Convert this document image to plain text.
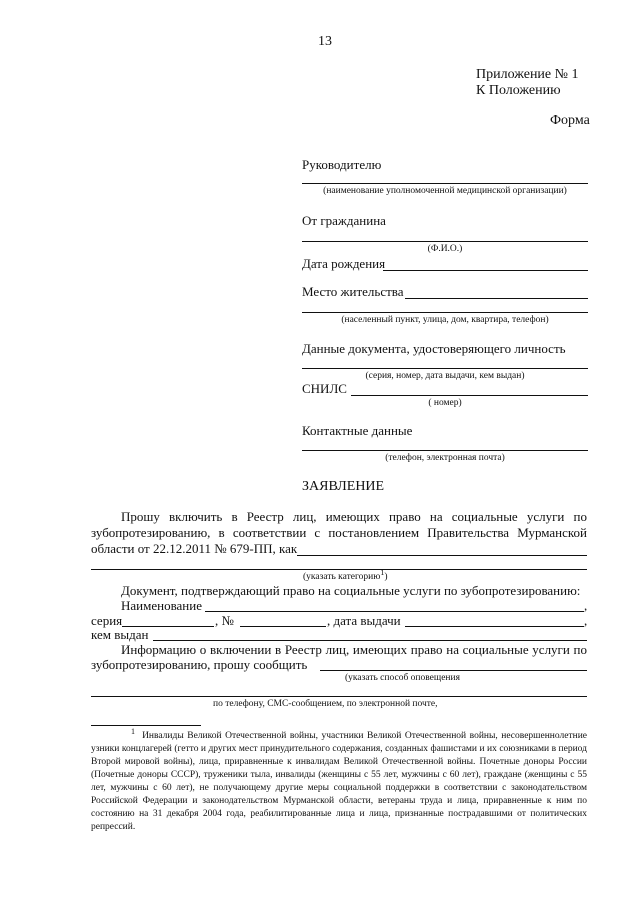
13
Приложение № 1
К Положению
Форма
Руководителю
(наименование уполномоченной медицинской организации)
От гражданина
(Ф.И.О.)
Дата рождения
Место жительства
(населенный пункт, улица, дом, квартира, телефон)
Данные документа, удостоверяющего личность
(серия, номер, дата выдачи, кем выдан)
СНИЛС
( номер)
Контактные данные
(телефон, электронная почта)
ЗАЯВЛЕНИЕ
Прошу включить в Реестр лиц, имеющих право на социальные услуги по
зубопротезированию, в соответствии с постановлением Правительства Мурманской
области от 22.12.2011 № 679-ПП, как
(указать категорию$^1$)
Документ, подтверждающий право на социальные услуги по зубопротезированию:
Наименование	,
серия	, №	, дата выдачи	,
кем выдан
Информацию о включении в Реестр лиц, имеющих право на социальные услуги по
зубопротезированию, прошу сообщить
(указать способ оповещения
по телефону, СМС-сообщением, по электронной почте,
$^1$ Инвалиды Великой Отечественной войны, участники Великой Отечественной войны, несовершеннолетние узники концлагерей (гетто и других мест принудительного содержания, созданных фашистами и их союзниками в период Второй мировой войны), лица, приравненные к инвалидам Великой Отечественной войны. Почетные доноры России (Почетные доноры СССР), труженики тыла, инвалиды (женщины с 55 лет, мужчины с 60 лет), граждане (женщины с 55 лет, мужчины с 60 лет), не получающему другие меры социальной поддержки в соответствии с законодательством Российской Федерации и законодательством Мурманской области, ветераны труда и лица, приравненные к ним по состоянию на 31 декабря 2004 года, реабилитированные лица и лица, признанные пострадавшими от политических репрессий.
